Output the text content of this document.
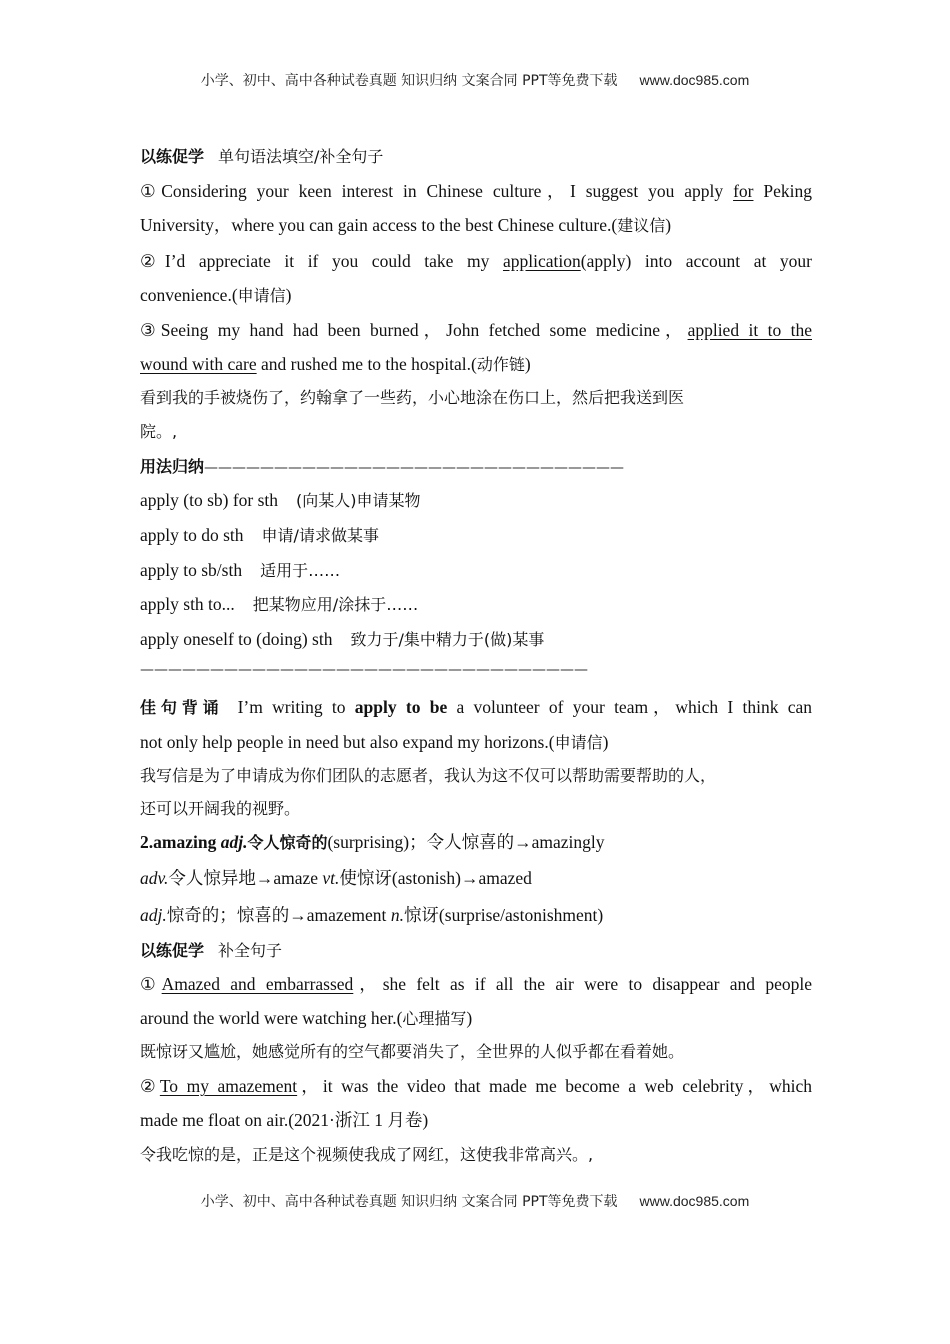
小学、初中、高中各种试卷真题 知识归纳 文案合同 PPT等免费下载 www.doc985.com
以练促学 单句语法填空/补全句子
①Considering your keen interest in Chinese culture，I suggest you apply for Peking
University，where you can gain access to the best Chinese culture.(建议信)
②I’d appreciate it if you could take my application(apply) into account at your
convenience.(申请信)
③Seeing my hand had been burned，John fetched some medicine，applied it to the
wound with care and rushed me to the hospital.(动作链)
看到我的手被烧伤了，约翰拿了一些药，小心地涂在伤口上，然后把我送到医
院。,
用法归纳——————————————————————————————
apply (to sb) for sth (向某人)申请某物
apply to do sth 申请/请求做某事
apply to sb/sth 适用于……
apply sth to... 把某物应用/涂抹于……
apply oneself to (doing) sth 致力于/集中精力于(做)某事
————————————————————————————————
佳句背诵 I’m writing to apply to be a volunteer of your team，which I think can
not only help people in need but also expand my horizons.(申请信)
我写信是为了申请成为你们团队的志愿者，我认为这不仅可以帮助需要帮助的人，
还可以开阔我的视野。
2.amazing adj.令人惊奇的(surprising)；令人惊喜的→amazingly
adv.令人惊异地→amaze vt.使惊讶(astonish)→amazed
adj.惊奇的；惊喜的→amazement n.惊讶(surprise/astonishment)
以练促学 补全句子
①Amazed and embarrassed，she felt as if all the air were to disappear and people
around the world were watching her.(心理描写)
既惊讶又尴尬，她感觉所有的空气都要消失了，全世界的人似乎都在看着她。
②To my amazement，it was the video that made me become a web celebrity，which
made me float on air.(2021·浙江 1 月卷)
令我吃惊的是，正是这个视频使我成了网红，这使我非常高兴。,
小学、初中、高中各种试卷真题 知识归纳 文案合同 PPT等免费下载 www.doc985.com
